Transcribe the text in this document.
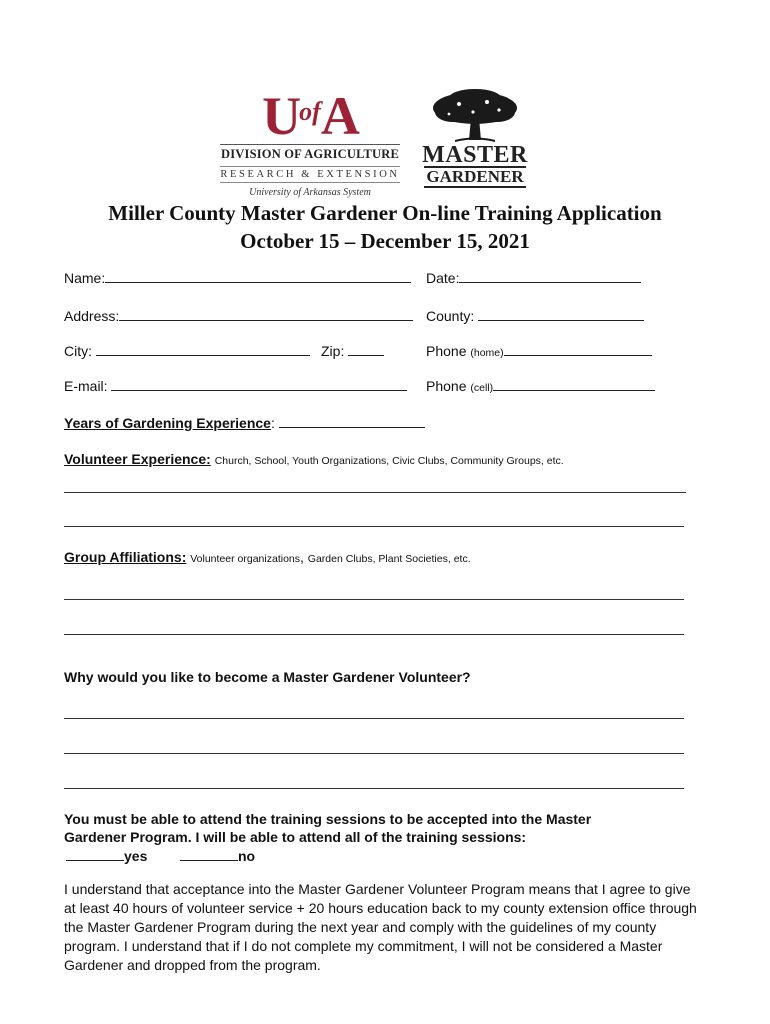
$U^{of}A$
DIVISION OF AGRICULTURE
RESEARCH & EXTENSION
University of Arkansas System
MASTER
GARDENER
Miller County Master Gardener On-line Training Application
October 15 – December 15, 2021
Name:	Date:
Address:	County:
City:	Zip:	Phone (home)
E-mail:	Phone (cell)
Years of Gardening Experience:
Volunteer Experience: Church, School, Youth Organizations, Civic Clubs, Community Groups, etc.
Group Affiliations: Volunteer organizations, Garden Clubs, Plant Societies, etc.
Why would you like to become a Master Gardener Volunteer?
You must be able to attend the training sessions to be accepted into the Master
Gardener Program. I will be able to attend all of the training sessions:
yes	no
I understand that acceptance into the Master Gardener Volunteer Program means that I agree to give at least 40 hours of volunteer service + 20 hours education back to my county extension office through the Master Gardener Program during the next year and comply with the guidelines of my county program. I understand that if I do not complete my commitment, I will not be considered a Master Gardener and dropped from the program.
